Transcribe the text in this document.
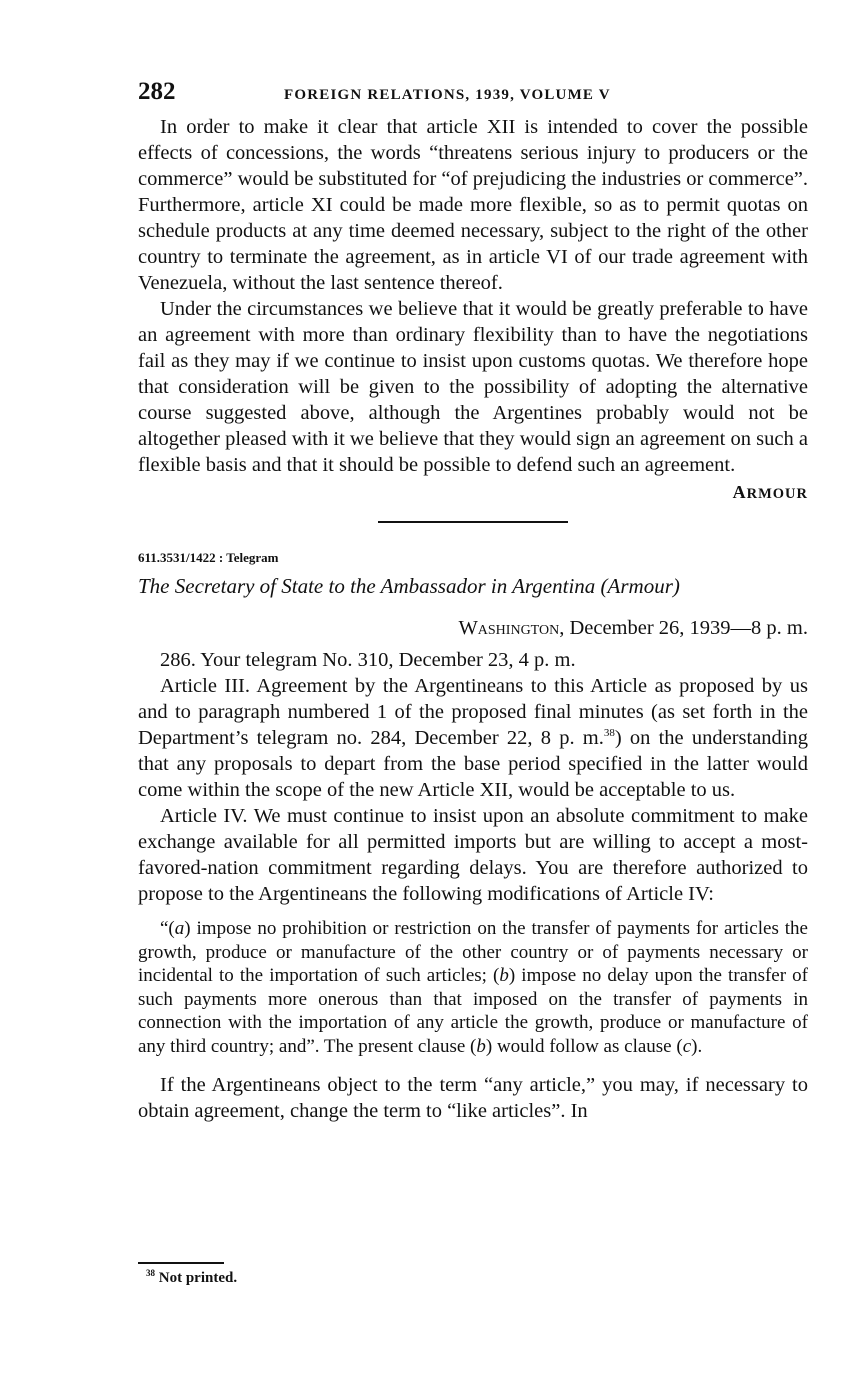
282	FOREIGN RELATIONS, 1939, VOLUME V

In order to make it clear that article XII is intended to cover the possible effects of concessions, the words “threatens serious injury to producers or the commerce” would be substituted for “of prejudicing the industries or commerce”. Furthermore, article XI could be made more flexible, so as to permit quotas on schedule products at any time deemed necessary, subject to the right of the other country to terminate the agreement, as in article VI of our trade agreement with Venezuela, without the last sentence thereof.

Under the circumstances we believe that it would be greatly preferable to have an agreement with more than ordinary flexibility than to have the negotiations fail as they may if we continue to insist upon customs quotas. We therefore hope that consideration will be given to the possibility of adopting the alternative course suggested above, although the Argentines probably would not be altogether pleased with it we believe that they would sign an agreement on such a flexible basis and that it should be possible to defend such an agreement.

ARMOUR
611.3531/1422 : Telegram
The Secretary of State to the Ambassador in Argentina (Armour)
Washington, December 26, 1939—8 p. m.

286. Your telegram No. 310, December 23, 4 p. m.

Article III. Agreement by the Argentineans to this Article as proposed by us and to paragraph numbered 1 of the proposed final minutes (as set forth in the Department’s telegram no. 284, December 22, 8 p. m.$^{38}$) on the understanding that any proposals to depart from the base period specified in the latter would come within the scope of the new Article XII, would be acceptable to us.

Article IV. We must continue to insist upon an absolute commitment to make exchange available for all permitted imports but are willing to accept a most-favored-nation commitment regarding delays. You are therefore authorized to propose to the Argentineans the following modifications of Article IV:

“(a) impose no prohibition or restriction on the transfer of payments for articles the growth, produce or manufacture of the other country or of payments necessary or incidental to the importation of such articles; (b) impose no delay upon the transfer of such payments more onerous than that imposed on the transfer of payments in connection with the importation of any article the growth, produce or manufacture of any third country; and”. The present clause (b) would follow as clause (c).

If the Argentineans object to the term “any article,” you may, if necessary to obtain agreement, change the term to “like articles”. In

$^{38}$ Not printed.
